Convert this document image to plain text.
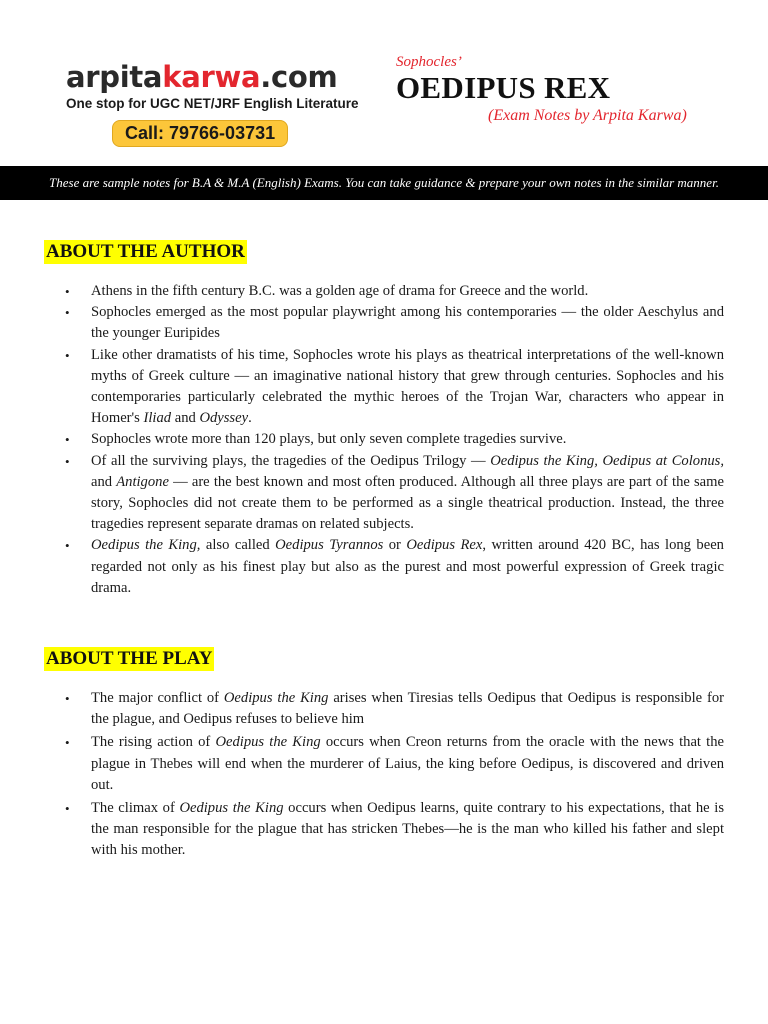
arpitakarwa.com
One stop for UGC NET/JRF English Literature
Call: 79766-03731
Sophocles’
OEDIPUS REX
(Exam Notes by Arpita Karwa)
These are sample notes for B.A & M.A (English) Exams. You can take guidance & prepare your own notes in the similar manner.
ABOUT THE AUTHOR
• Athens in the fifth century B.C. was a golden age of drama for Greece and the world.
• Sophocles emerged as the most popular playwright among his contemporaries — the older Aeschylus and the younger Euripides
• Like other dramatists of his time, Sophocles wrote his plays as theatrical interpretations of the well-known myths of Greek culture — an imaginative national history that grew through centuries. Sophocles and his contemporaries particularly celebrated the mythic heroes of the Trojan War, characters who appear in Homer's Iliad and Odyssey.
• Sophocles wrote more than 120 plays, but only seven complete tragedies survive.
• Of all the surviving plays, the tragedies of the Oedipus Trilogy — Oedipus the King, Oedipus at Colonus, and Antigone — are the best known and most often produced. Although all three plays are part of the same story, Sophocles did not create them to be performed as a single theatrical production. Instead, the three tragedies represent separate dramas on related subjects.
• Oedipus the King, also called Oedipus Tyrannos or Oedipus Rex, written around 420 BC, has long been regarded not only as his finest play but also as the purest and most powerful expression of Greek tragic drama.
ABOUT THE PLAY
• The major conflict of Oedipus the King arises when Tiresias tells Oedipus that Oedipus is responsible for the plague, and Oedipus refuses to believe him
• The rising action of Oedipus the King occurs when Creon returns from the oracle with the news that the plague in Thebes will end when the murderer of Laius, the king before Oedipus, is discovered and driven out.
• The climax of Oedipus the King occurs when Oedipus learns, quite contrary to his expectations, that he is the man responsible for the plague that has stricken Thebes—he is the man who killed his father and slept with his mother.
